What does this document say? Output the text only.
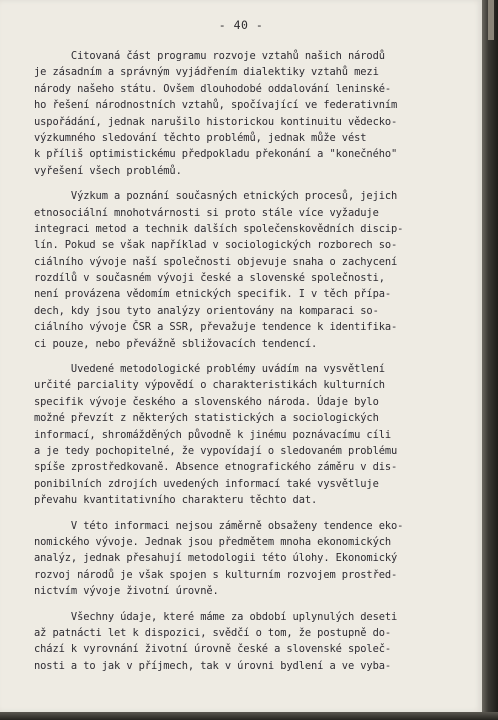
- 40 -
Citovaná část programu rozvoje vztahů našich národů
je zásadním a správným vyjádřením dialektiky vztahů mezi
národy našeho státu. Ovšem dlouhodobé oddalování leninské-
ho řešení národnostních vztahů, spočívající ve federativním
uspořádání, jednak narušilo historickou kontinuitu vědecko-
výzkumného sledování těchto problémů, jednak může vést
k příliš optimistickému předpokladu překonání a "konečného"
vyřešení všech problémů.
Výzkum a poznání současných etnických procesů, jejich
etnosociální mnohotvárnosti si proto stále více vyžaduje
integraci metod a technik dalších společenskovědních discip-
lín. Pokud se však například v sociologických rozborech so-
ciálního vývoje naší společnosti objevuje snaha o zachycení
rozdílů v současném vývoji české a slovenské společnosti,
není provázena vědomím etnických specifik. I v těch přípa-
dech, kdy jsou tyto analýzy orientovány na komparaci so-
ciálního vývoje ČSR a SSR, převažuje tendence k identifika-
ci pouze, nebo převážně sbližovacích tendencí.
Uvedené metodologické problémy uvádím na vysvětlení
určité parciality výpovědí o charakteristikách kulturních
specifik vývoje českého a slovenského národa. Údaje bylo
možné převzít z některých statistických a sociologických
informací, shromážděných původně k jinému poznávacímu cíli
a je tedy pochopitelné, že vypovídají o sledovaném problému
spíše zprostředkovaně. Absence etnografického záměru v dis-
ponibilních zdrojích uvedených informací také vysvětluje
převahu kvantitativního charakteru těchto dat.
V této informaci nejsou záměrně obsaženy tendence eko-
nomického vývoje. Jednak jsou předmětem mnoha ekonomických
analýz, jednak přesahují metodologii této úlohy. Ekonomický
rozvoj národů je však spojen s kulturním rozvojem prostřed-
nictvím vývoje životní úrovně.
Všechny údaje, které máme za období uplynulých deseti
až patnácti let k dispozici, svědčí o tom, že postupně do-
chází k vyrovnání životní úrovně české a slovenské společ-
nosti a to jak v příjmech, tak v úrovni bydlení a ve vyba-
